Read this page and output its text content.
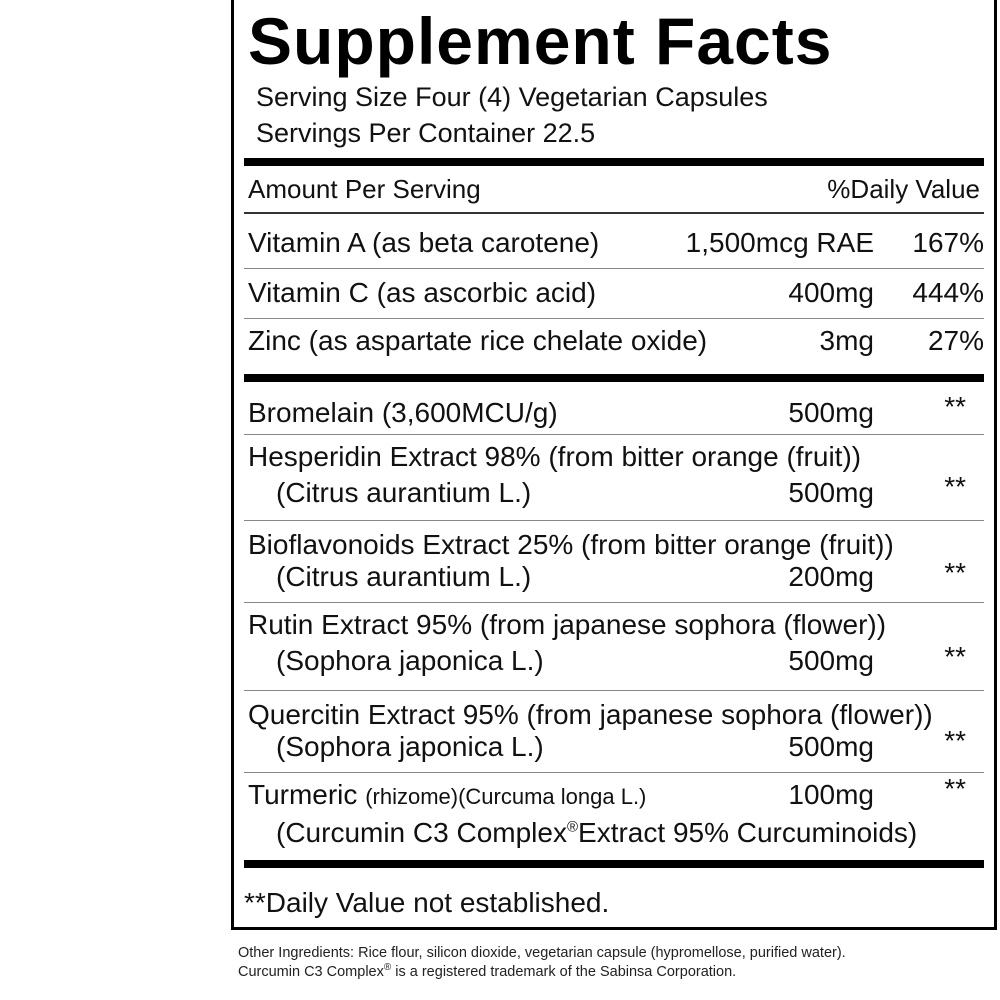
Supplement Facts
Serving Size Four (4) Vegetarian Capsules
Servings Per Container 22.5
Amount Per Serving	%Daily Value
Vitamin A (as beta carotene)	1,500mcg RAE 167%
Vitamin C (as ascorbic acid)	400mg 444%
Zinc (as aspartate rice chelate oxide)	3mg 27%
Bromelain (3,600MCU/g)	500mg	**
Hesperidin Extract 98% (from bitter orange (fruit))
(Citrus aurantium L.)	500mg	**
Bioflavonoids Extract 25% (from bitter orange (fruit))
(Citrus aurantium L.)	200mg	**
Rutin Extract 95% (from japanese sophora (flower))
(Sophora japonica L.)	500mg	**
Quercitin Extract 95% (from japanese sophora (flower))
(Sophora japonica L.)	500mg	**
Turmeric (rhizome)(Curcuma longa L.)	100mg	**
(Curcumin C3 Complex®Extract 95% Curcuminoids)
**Daily Value not established.
Other Ingredients: Rice flour, silicon dioxide, vegetarian capsule (hypromellose, purified water).
Curcumin C3 Complex® is a registered trademark of the Sabinsa Corporation.
